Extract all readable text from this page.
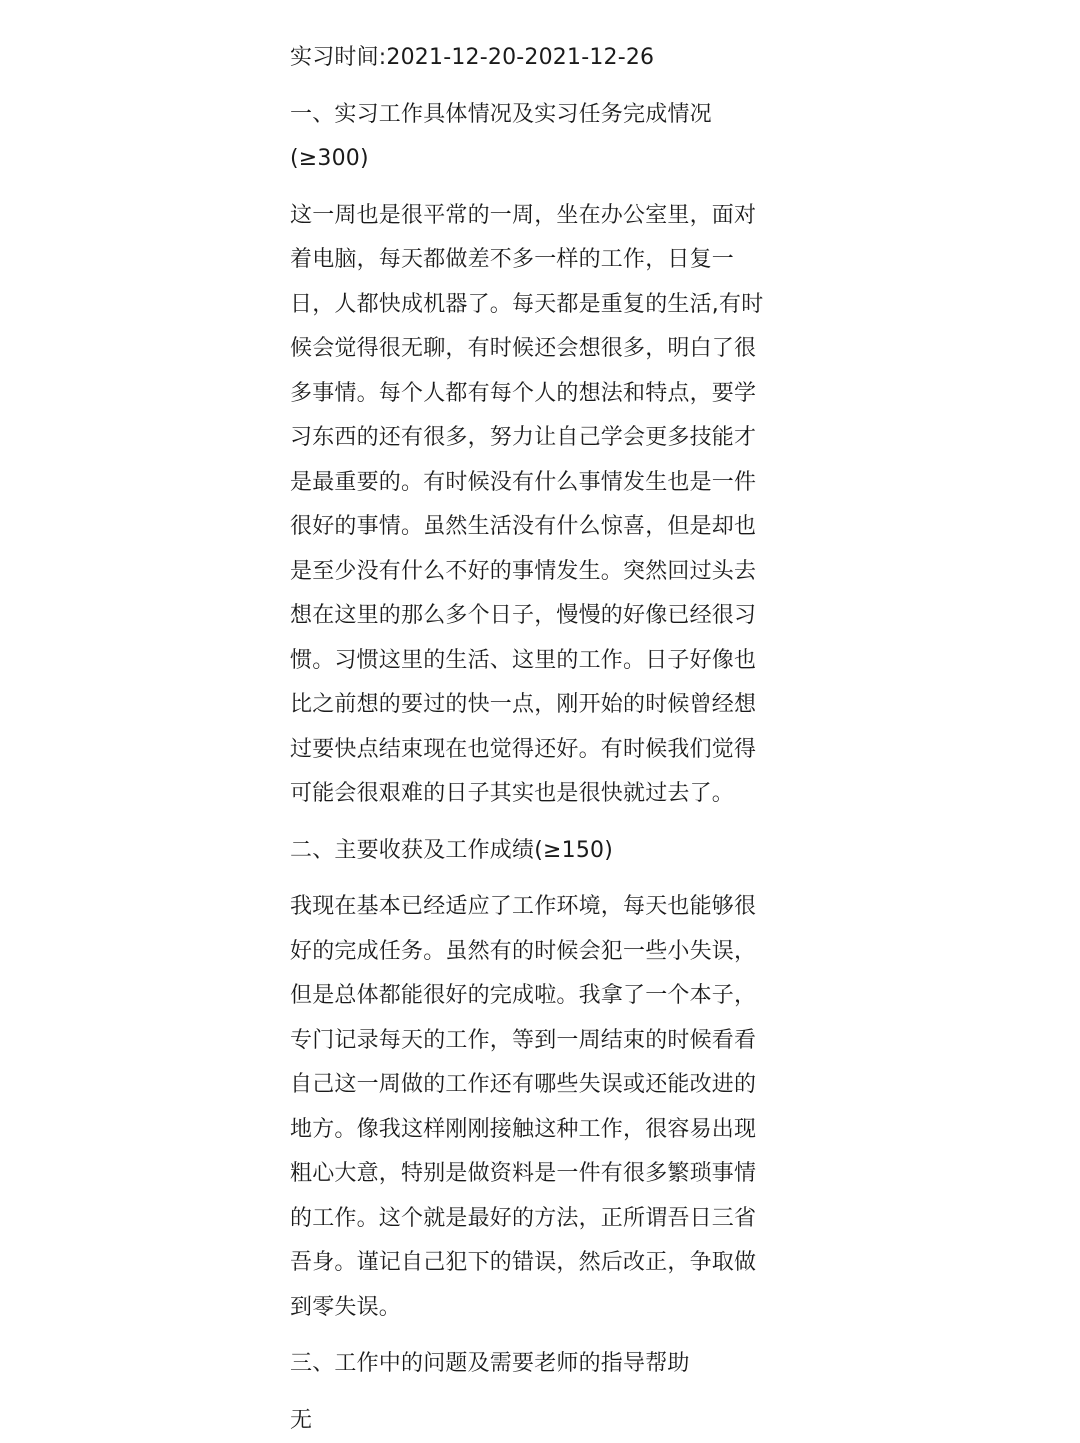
实习时间:2021-12-20-2021-12-26

一、实习工作具体情况及实习任务完成情况
(≥300)

这一周也是很平常的一周，坐在办公室里，面对
着电脑，每天都做差不多一样的工作，日复一
日，人都快成机器了。每天都是重复的生活,有时
候会觉得很无聊，有时候还会想很多，明白了很
多事情。每个人都有每个人的想法和特点，要学
习东西的还有很多，努力让自己学会更多技能才
是最重要的。有时候没有什么事情发生也是一件
很好的事情。虽然生活没有什么惊喜，但是却也
是至少没有什么不好的事情发生。突然回过头去
想在这里的那么多个日子，慢慢的好像已经很习
惯。习惯这里的生活、这里的工作。日子好像也
比之前想的要过的快一点，刚开始的时候曾经想
过要快点结束现在也觉得还好。有时候我们觉得
可能会很艰难的日子其实也是很快就过去了。

二、主要收获及工作成绩(≥150)

我现在基本已经适应了工作环境，每天也能够很
好的完成任务。虽然有的时候会犯一些小失误，
但是总体都能很好的完成啦。我拿了一个本子，
专门记录每天的工作，等到一周结束的时候看看
自己这一周做的工作还有哪些失误或还能改进的
地方。像我这样刚刚接触这种工作，很容易出现
粗心大意，特别是做资料是一件有很多繁琐事情
的工作。这个就是最好的方法，正所谓吾日三省
吾身。谨记自己犯下的错误，然后改正，争取做
到零失误。

三、工作中的问题及需要老师的指导帮助

无
